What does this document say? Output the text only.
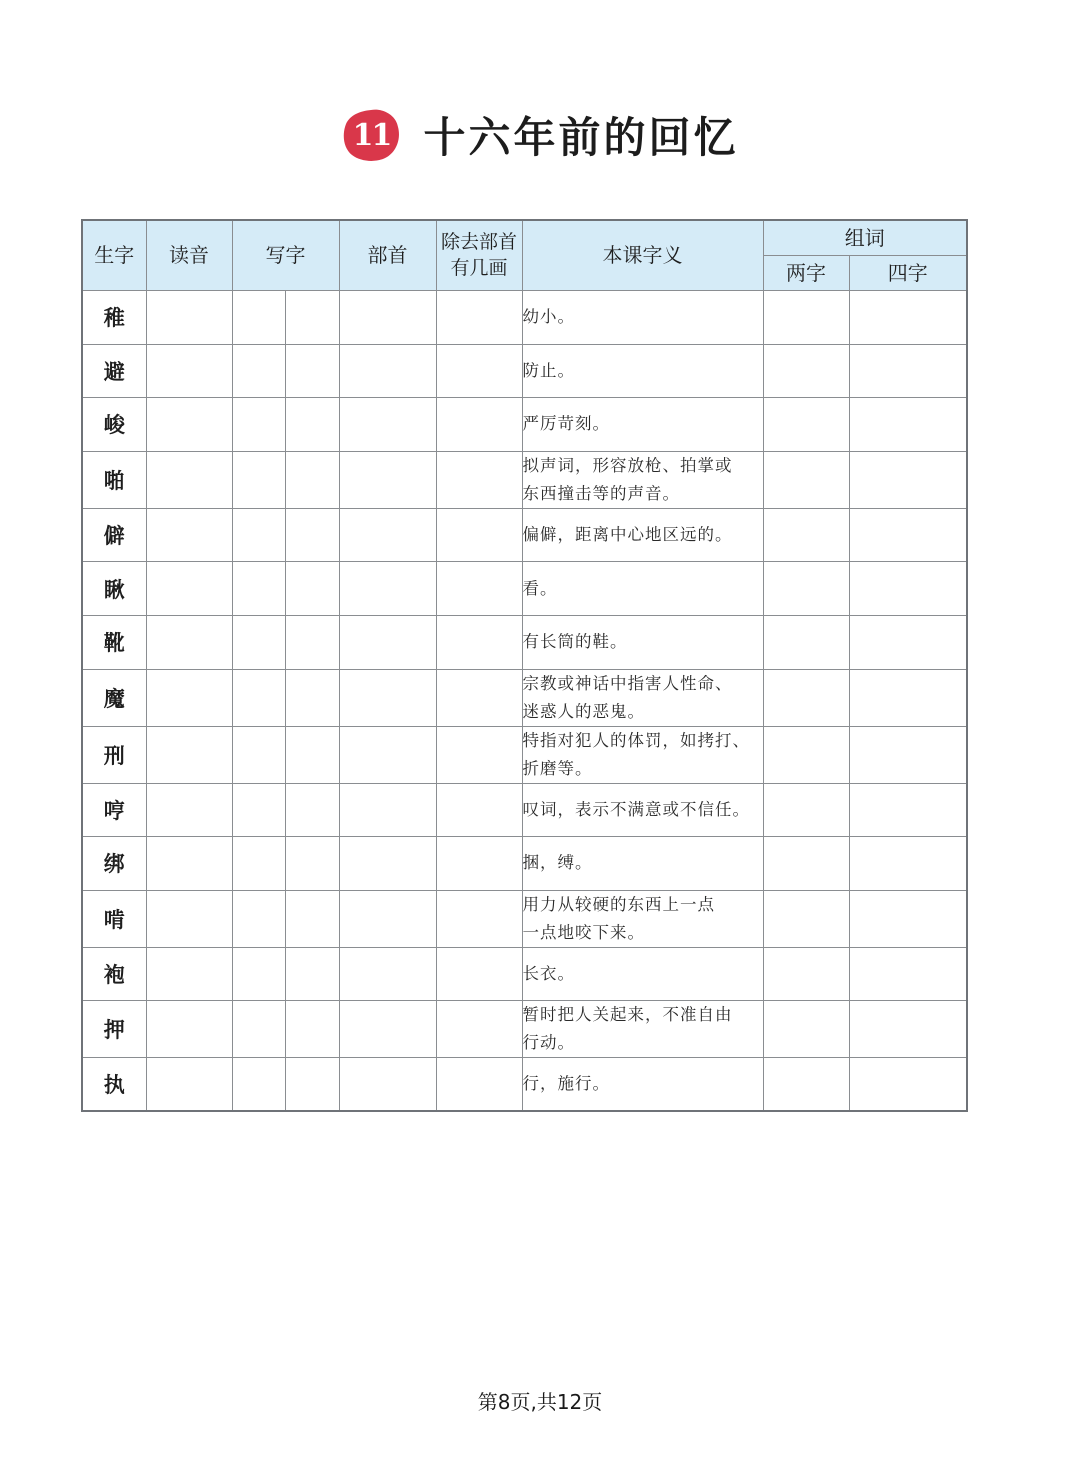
11 十六年前的回忆
生字	读音	写字		部首	除去部首
有几画	本课字义	组词	
							两字	四字
稚						幼小。		

避						防止。		

峻						严厉苛刻。		

啪						拟声词，形容放枪、拍掌或
东西撞击等的声音。		

僻						偏僻，距离中心地区远的。		

瞅						看。		

靴						有长筒的鞋。		

魔						宗教或神话中指害人性命、
迷惑人的恶鬼。		

刑						特指对犯人的体罚，如拷打、
折磨等。		

哼						叹词，表示不满意或不信任。		

绑						捆，缚。		

啃						用力从较硬的东西上一点
一点地咬下来。		

袍						长衣。		

押						暂时把人关起来，不准自由
行动。		

执						行，施行。		

第8页,共12页
